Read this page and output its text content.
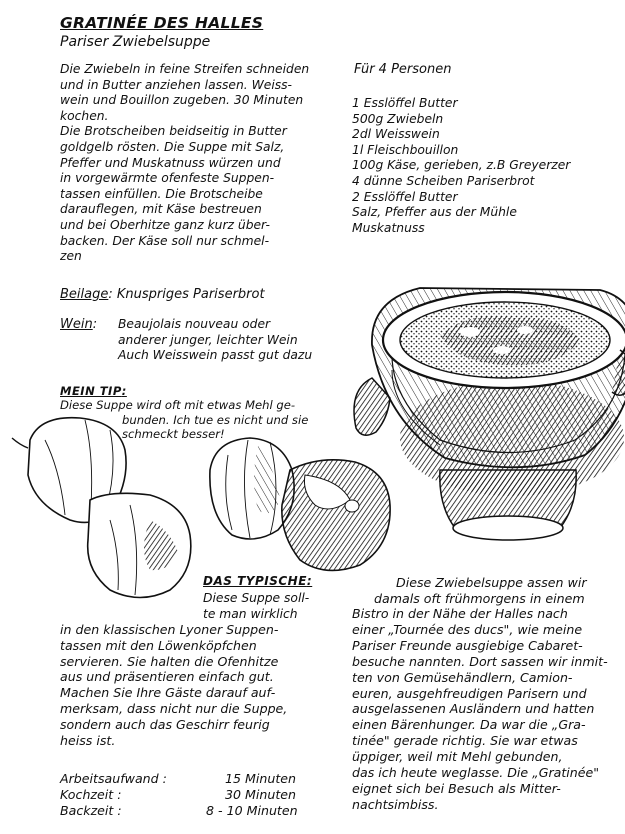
GRATINÉE DES HALLES
Pariser Zwiebelsuppe
Die Zwiebeln in feine Streifen schneiden
und in Butter anziehen lassen. Weiss-
wein und Bouillon zugeben. 30 Minuten
kochen.
Die Brotscheiben beidseitig in Butter
goldgelb rösten. Die Suppe mit Salz,
Pfeffer und Muskatnuss würzen und
in vorgewärmte ofenfeste Suppen-
tassen einfüllen. Die Brotscheibe
darauflegen, mit Käse bestreuen
und bei Oberhitze ganz kurz über-
backen. Der Käse soll nur schmel-
zen
Für 4 Personen
1 Esslöffel Butter
500g Zwiebeln
2dl Weisswein
1l Fleischbouillon
100g Käse, gerieben, z.B Greyerzer
4 dünne Scheiben Pariserbrot
2 Esslöffel Butter
Salz, Pfeffer aus der Mühle
Muskatnuss
Beilage: Knuspriges Pariserbrot
Wein: Beaujolais nouveau oder
anderer junger, leichter Wein
Auch Weisswein passt gut dazu
MEIN TIP:
Diese Suppe wird oft mit etwas Mehl ge-
bunden. Ich tue es nicht und sie
schmeckt besser!
DAS TYPISCHE:
Diese Suppe soll-
te man wirklich
in den klassischen Lyoner Suppen-
tassen mit den Löwenköpfchen
servieren. Sie halten die Ofenhitze
aus und präsentieren einfach gut.
Machen Sie Ihre Gäste darauf auf-
merksam, dass nicht nur die Suppe,
sondern auch das Geschirr feurig
heiss ist.
Diese Zwiebelsuppe assen wir
damals oft frühmorgens in einem
Bistro in der Nähe der Halles nach
einer „Tournée des ducs", wie meine
Pariser Freunde ausgiebige Cabaret-
besuche nannten. Dort sassen wir inmit-
ten von Gemüsehändlern, Camion-
euren, ausgehfreudigen Parisern und
ausgelassenen Ausländern und hatten
einen Bärenhunger. Da war die „Gra-
tinée" gerade richtig. Sie war etwas
üppiger, weil mit Mehl gebunden,
das ich heute weglasse. Die „Gratinée"
eignet sich bei Besuch als Mitter-
nachtsimbiss.
Arbeitsaufwand :	15 Minuten
Kochzeit :	30 Minuten
Backzeit :	8 - 10 Minuten
